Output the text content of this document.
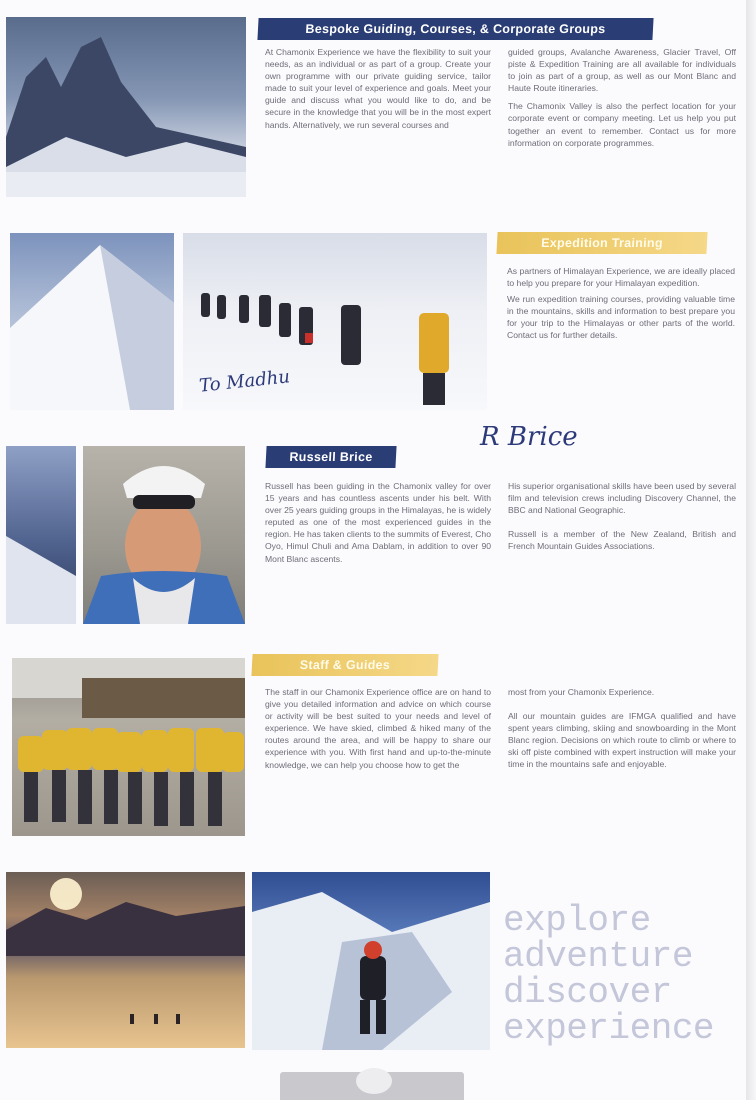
Bespoke Guiding, Courses, & Corporate Groups

At Chamonix Experience we have the flexibility to suit your needs, as an individual or as part of a group. Create your own programme with our private guiding service, tailor made to suit your level of experience and goals. Meet your guide and discuss what you would like to do, and be secure in the knowledge that you will be in the most expert hands. Alternatively, we run several courses and

guided groups, Avalanche Awareness, Glacier Travel, Off piste & Expedition Training are all available for individuals to join as part of a group, as well as our Mont Blanc and Haute Route itineraries.

The Chamonix Valley is also the perfect location for your corporate event or company meeting. Let us help you put together an event to remember. Contact us for more information on corporate programmes.

To Madhu
Expedition Training

As partners of Himalayan Experience, we are ideally placed to help you prepare for your Himalayan expedition.

We run expedition training courses, providing valuable time in the mountains, skills and information to best prepare you for your trip to the Himalayas or other parts of the world. Contact us for further details.

Russell Brice
R Brice

Russell has been guiding in the Chamonix valley for over 15 years and has countless ascents under his belt. With over 25 years guiding groups in the Himalayas, he is widely reputed as one of the most experienced guides in the region. He has taken clients to the summits of Everest, Cho Oyo, Himul Chuli and Ama Dablam, in addition to over 90 Mont Blanc ascents.

His superior organisational skills have been used by several film and television crews including Discovery Channel, the BBC and National Geographic.

Russell is a member of the New Zealand, British and French Mountain Guides Associations.

Staff & Guides

The staff in our Chamonix Experience office are on hand to give you detailed information and advice on which course or activity will be best suited to your needs and level of experience. We have skied, climbed & hiked many of the routes around the area, and will be happy to share our experience with you. With first hand and up-to-the-minute knowledge, we can help you choose how to get the

most from your Chamonix Experience.

All our mountain guides are IFMGA qualified and have spent years climbing, skiing and snowboarding in the Mont Blanc region. Decisions on which route to climb or where to ski off piste combined with expert instruction will make your time in the mountains safe and enjoyable.

explore
adventure
discover
experience
